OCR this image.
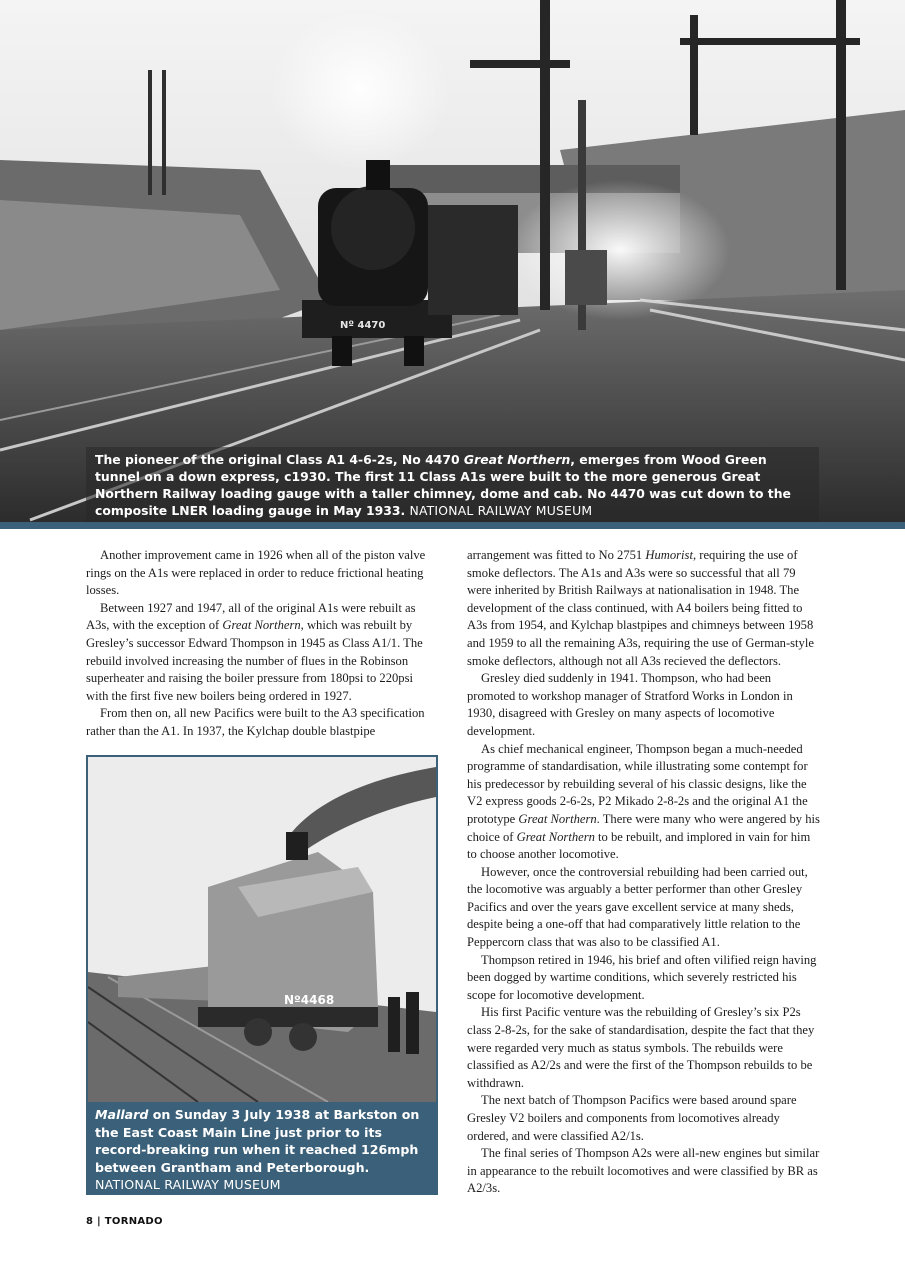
Nº 4470
The pioneer of the original Class A1 4-6-2s, No 4470 Great Northern, emerges from Wood Green tunnel on a down express, c1930. The first 11 Class A1s were built to the more generous Great Northern Railway loading gauge with a taller chimney, dome and cab. No 4470 was cut down to the composite LNER loading gauge in May 1933. NATIONAL RAILWAY MUSEUM

Another improvement came in 1926 when all of the piston valve rings on the A1s were replaced in order to reduce frictional heating losses.

Between 1927 and 1947, all of the original A1s were rebuilt as A3s, with the exception of Great Northern, which was rebuilt by Gresley’s successor Edward Thompson in 1945 as Class A1/1. The rebuild involved increasing the number of flues in the Robinson superheater and raising the boiler pressure from 180psi to 220psi with the first five new boilers being ordered in 1927.

From then on, all new Pacifics were built to the A3 specification rather than the A1. In 1937, the Kylchap double blastpipe

Nº4468
Mallard on Sunday 3 July 1938 at Barkston on the East Coast Main Line just prior to its record-breaking run when it reached 126mph between Grantham and Peterborough.
NATIONAL RAILWAY MUSEUM

arrangement was fitted to No 2751 Humorist, requiring the use of smoke deflectors. The A1s and A3s were so successful that all 79 were inherited by British Railways at nationalisation in 1948. The development of the class continued, with A4 boilers being fitted to A3s from 1954, and Kylchap blastpipes and chimneys between 1958 and 1959 to all the remaining A3s, requiring the use of German-style smoke deflectors, although not all A3s recieved the deflectors.

Gresley died suddenly in 1941. Thompson, who had been promoted to workshop manager of Stratford Works in London in 1930, disagreed with Gresley on many aspects of locomotive development.

As chief mechanical engineer, Thompson began a much-needed programme of standardisation, while illustrating some contempt for his predecessor by rebuilding several of his classic designs, like the V2 express goods 2-6-2s, P2 Mikado 2-8-2s and the original A1 the prototype Great Northern. There were many who were angered by his choice of Great Northern to be rebuilt, and implored in vain for him to choose another locomotive.

However, once the controversial rebuilding had been carried out, the locomotive was arguably a better performer than other Gresley Pacifics and over the years gave excellent service at many sheds, despite being a one-off that had comparatively little relation to the Peppercorn class that was also to be classified A1.

Thompson retired in 1946, his brief and often vilified reign having been dogged by wartime conditions, which severely restricted his scope for locomotive development.

His first Pacific venture was the rebuilding of Gresley’s six P2s class 2-8-2s, for the sake of standardisation, despite the fact that they were regarded very much as status symbols. The rebuilds were classified as A2/2s and were the first of the Thompson rebuilds to be withdrawn.

The next batch of Thompson Pacifics were based around spare Gresley V2 boilers and components from locomotives already ordered, and were classified A2/1s.

The final series of Thompson A2s were all-new engines but similar in appearance to the rebuilt locomotives and were classified by BR as A2/3s.

8 | TORNADO
